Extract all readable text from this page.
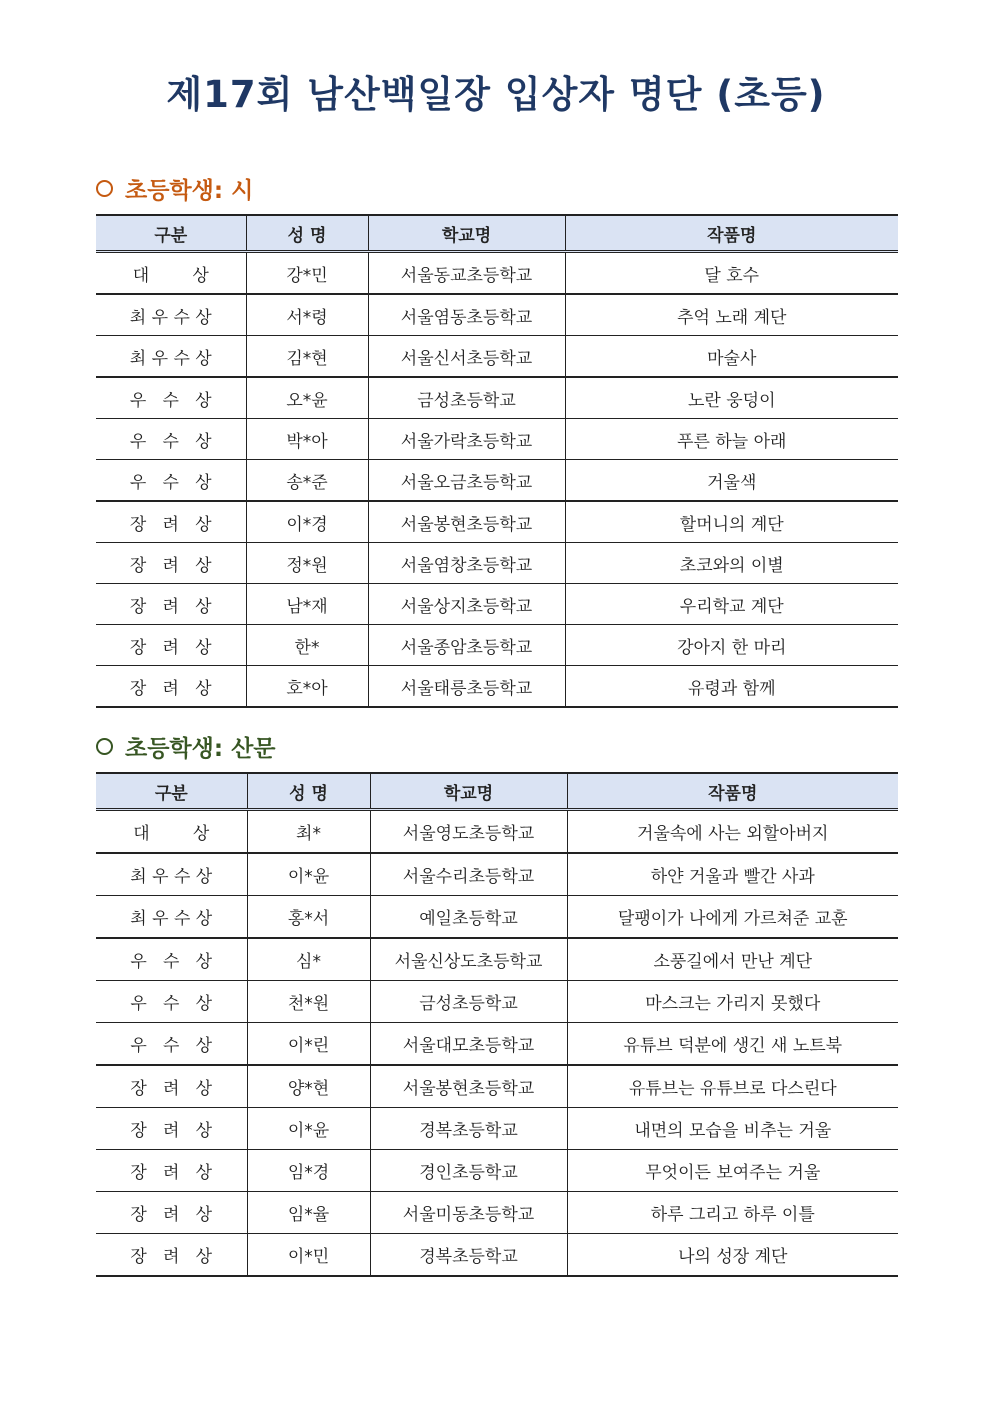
제17회 남산백일장 입상자 명단 (초등)
초등학생: 시
구분	성 명	학교명	작품명
대        상	강*민	서울동교초등학교	달 호수
최 우 수 상	서*령	서울염동초등학교	추억 노래 계단
최 우 수 상	김*현	서울신서초등학교	마술사
우   수   상	오*윤	금성초등학교	노란 웅덩이
우   수   상	박*아	서울가락초등학교	푸른 하늘 아래
우   수   상	송*준	서울오금초등학교	거울색
장   려   상	이*경	서울봉현초등학교	할머니의 계단
장   려   상	정*원	서울염창초등학교	초코와의 이별
장   려   상	남*재	서울상지초등학교	우리학교 계단
장   려   상	한*	서울종암초등학교	강아지 한 마리
장   려   상	호*아	서울태릉초등학교	유령과 함께
초등학생: 산문
구분	성 명	학교명	작품명
대        상	최*	서울영도초등학교	거울속에 사는 외할아버지
최 우 수 상	이*윤	서울수리초등학교	하얀 거울과 빨간 사과
최 우 수 상	홍*서	예일초등학교	달팽이가 나에게 가르쳐준 교훈
우   수   상	심*	서울신상도초등학교	소풍길에서 만난 계단
우   수   상	천*원	금성초등학교	마스크는 가리지 못했다
우   수   상	이*린	서울대모초등학교	유튜브 덕분에 생긴 새 노트북
장   려   상	양*현	서울봉현초등학교	유튜브는 유튜브로 다스린다
장   려   상	이*윤	경복초등학교	내면의 모습을 비추는 거울
장   려   상	임*경	경인초등학교	무엇이든 보여주는 거울
장   려   상	임*율	서울미동초등학교	하루 그리고 하루 이틀
장   려   상	이*민	경복초등학교	나의 성장 계단
